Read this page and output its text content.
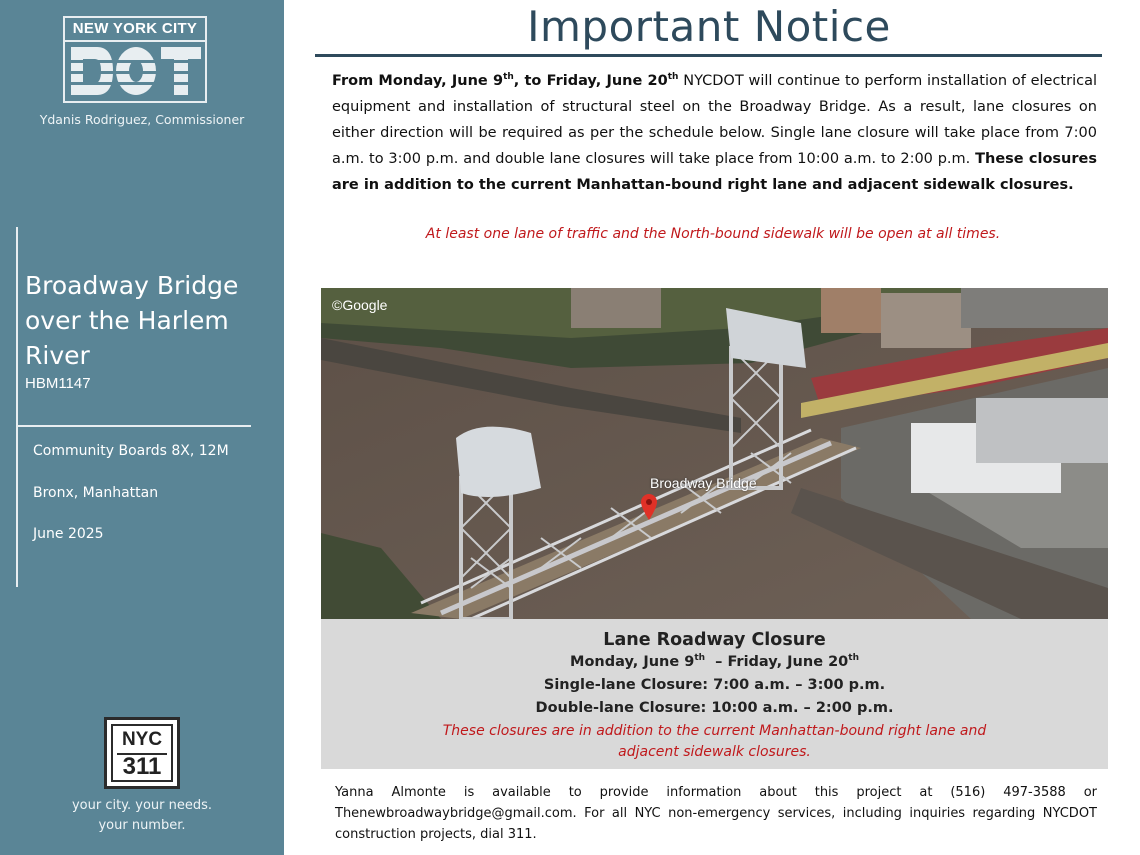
NEW YORK CITY
Ydanis Rodriguez, Commissioner
Broadway Bridge
over the Harlem
River
HBM1147
Community Boards 8X, 12M
Bronx, Manhattan
June 2025
NYC
311
your city. your needs.
your number.
Important Notice
From Monday, June 9th, to Friday, June 20th NYCDOT will continue to perform installation of electrical equipment and installation of structural steel on the Broadway Bridge. As a result, lane closures on either direction will be required as per the schedule below. Single lane closure will take place from 7:00 a.m. to 3:00 p.m. and double lane closures will take place from 10:00 a.m. to 2:00 p.m. These closures are in addition to the current Manhattan-bound right lane and adjacent sidewalk closures.
At least one lane of traffic and the North-bound sidewalk will be open at all times.
©Google
Broadway Bridge
Lane Roadway Closure
Monday, June 9th  – Friday, June 20th
Single-lane Closure: 7:00 a.m. – 3:00 p.m.
Double-lane Closure: 10:00 a.m. – 2:00 p.m.
These closures are in addition to the current Manhattan-bound right lane and
adjacent sidewalk closures.
Yanna Almonte is available to provide information about this project at (516) 497-3588 or Thenewbroadwaybridge@gmail.com. For all NYC non-emergency services, including inquiries regarding NYCDOT construction projects, dial 311.
